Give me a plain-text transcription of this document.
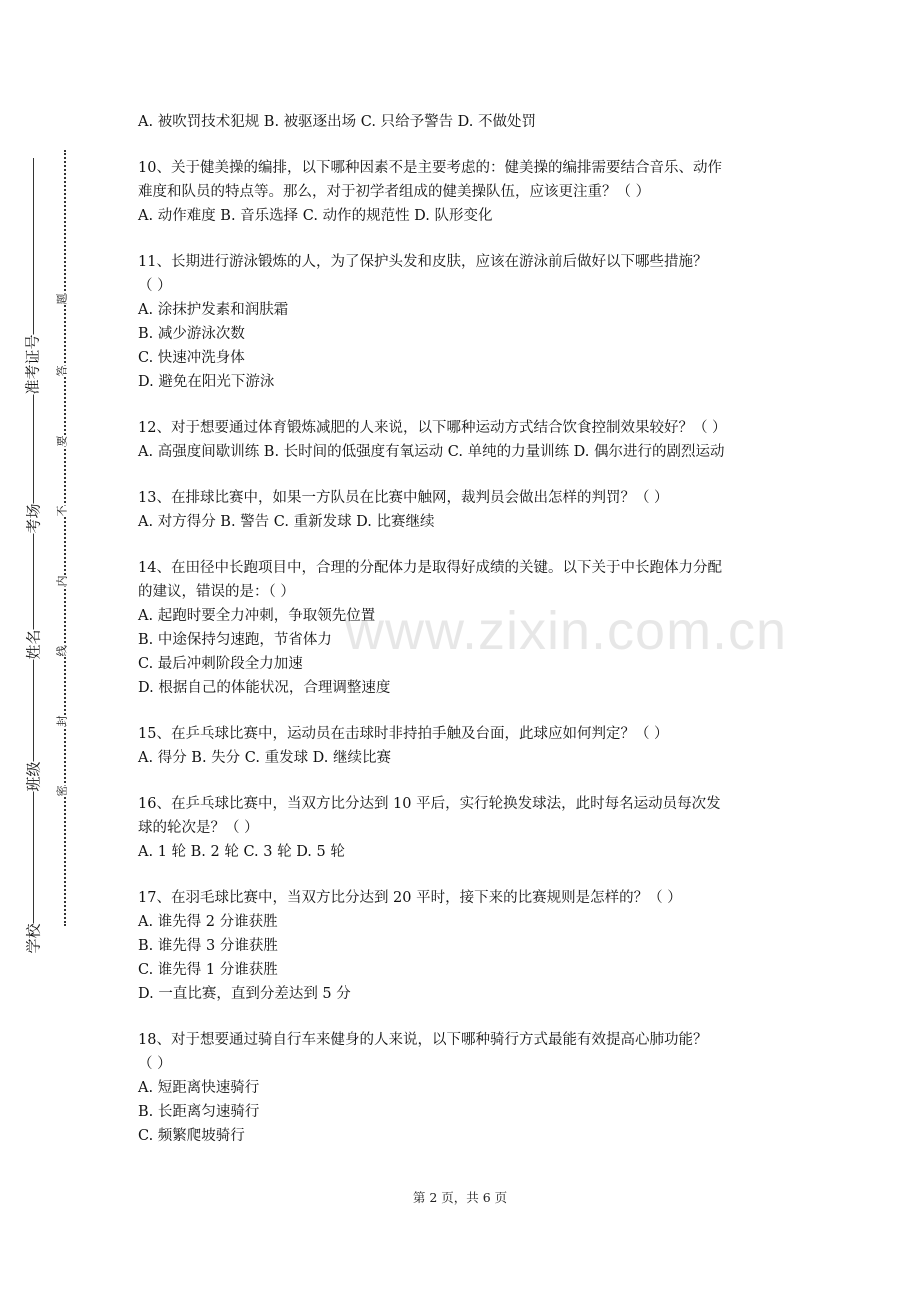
准考证号
考场
姓名
班级
学校
题
答
要
不
内
线
封
密
www.zixin.com.cn
A. 被吹罚技术犯规 B. 被驱逐出场 C. 只给予警告 D. 不做处罚
10、关于健美操的编排，以下哪种因素不是主要考虑的：健美操的编排需要结合音乐、动作
难度和队员的特点等。那么，对于初学者组成的健美操队伍，应该更注重？（ ）
A. 动作难度 B. 音乐选择 C. 动作的规范性 D. 队形变化
11、长期进行游泳锻炼的人，为了保护头发和皮肤，应该在游泳前后做好以下哪些措施？
（ ）
A. 涂抹护发素和润肤霜
B. 减少游泳次数
C. 快速冲洗身体
D. 避免在阳光下游泳
12、对于想要通过体育锻炼减肥的人来说，以下哪种运动方式结合饮食控制效果较好？（ ）
A. 高强度间歇训练 B. 长时间的低强度有氧运动 C. 单纯的力量训练 D. 偶尔进行的剧烈运动
13、在排球比赛中，如果一方队员在比赛中触网，裁判员会做出怎样的判罚？（ ）
A. 对方得分 B. 警告 C. 重新发球 D. 比赛继续
14、在田径中长跑项目中，合理的分配体力是取得好成绩的关键。以下关于中长跑体力分配
的建议，错误的是：（ ）
A. 起跑时要全力冲刺，争取领先位置
B. 中途保持匀速跑，节省体力
C. 最后冲刺阶段全力加速
D. 根据自己的体能状况，合理调整速度
15、在乒乓球比赛中，运动员在击球时非持拍手触及台面，此球应如何判定？（ ）
A. 得分 B. 失分 C. 重发球 D. 继续比赛
16、在乒乓球比赛中，当双方比分达到 10 平后，实行轮换发球法，此时每名运动员每次发
球的轮次是？（ ）
A. 1 轮 B. 2 轮 C. 3 轮 D. 5 轮
17、在羽毛球比赛中，当双方比分达到 20 平时，接下来的比赛规则是怎样的？（ ）
A. 谁先得 2 分谁获胜
B. 谁先得 3 分谁获胜
C. 谁先得 1 分谁获胜
D. 一直比赛，直到分差达到 5 分
18、对于想要通过骑自行车来健身的人来说，以下哪种骑行方式最能有效提高心肺功能？
（ ）
A. 短距离快速骑行
B. 长距离匀速骑行
C. 频繁爬坡骑行
第 2 页，共 6 页
